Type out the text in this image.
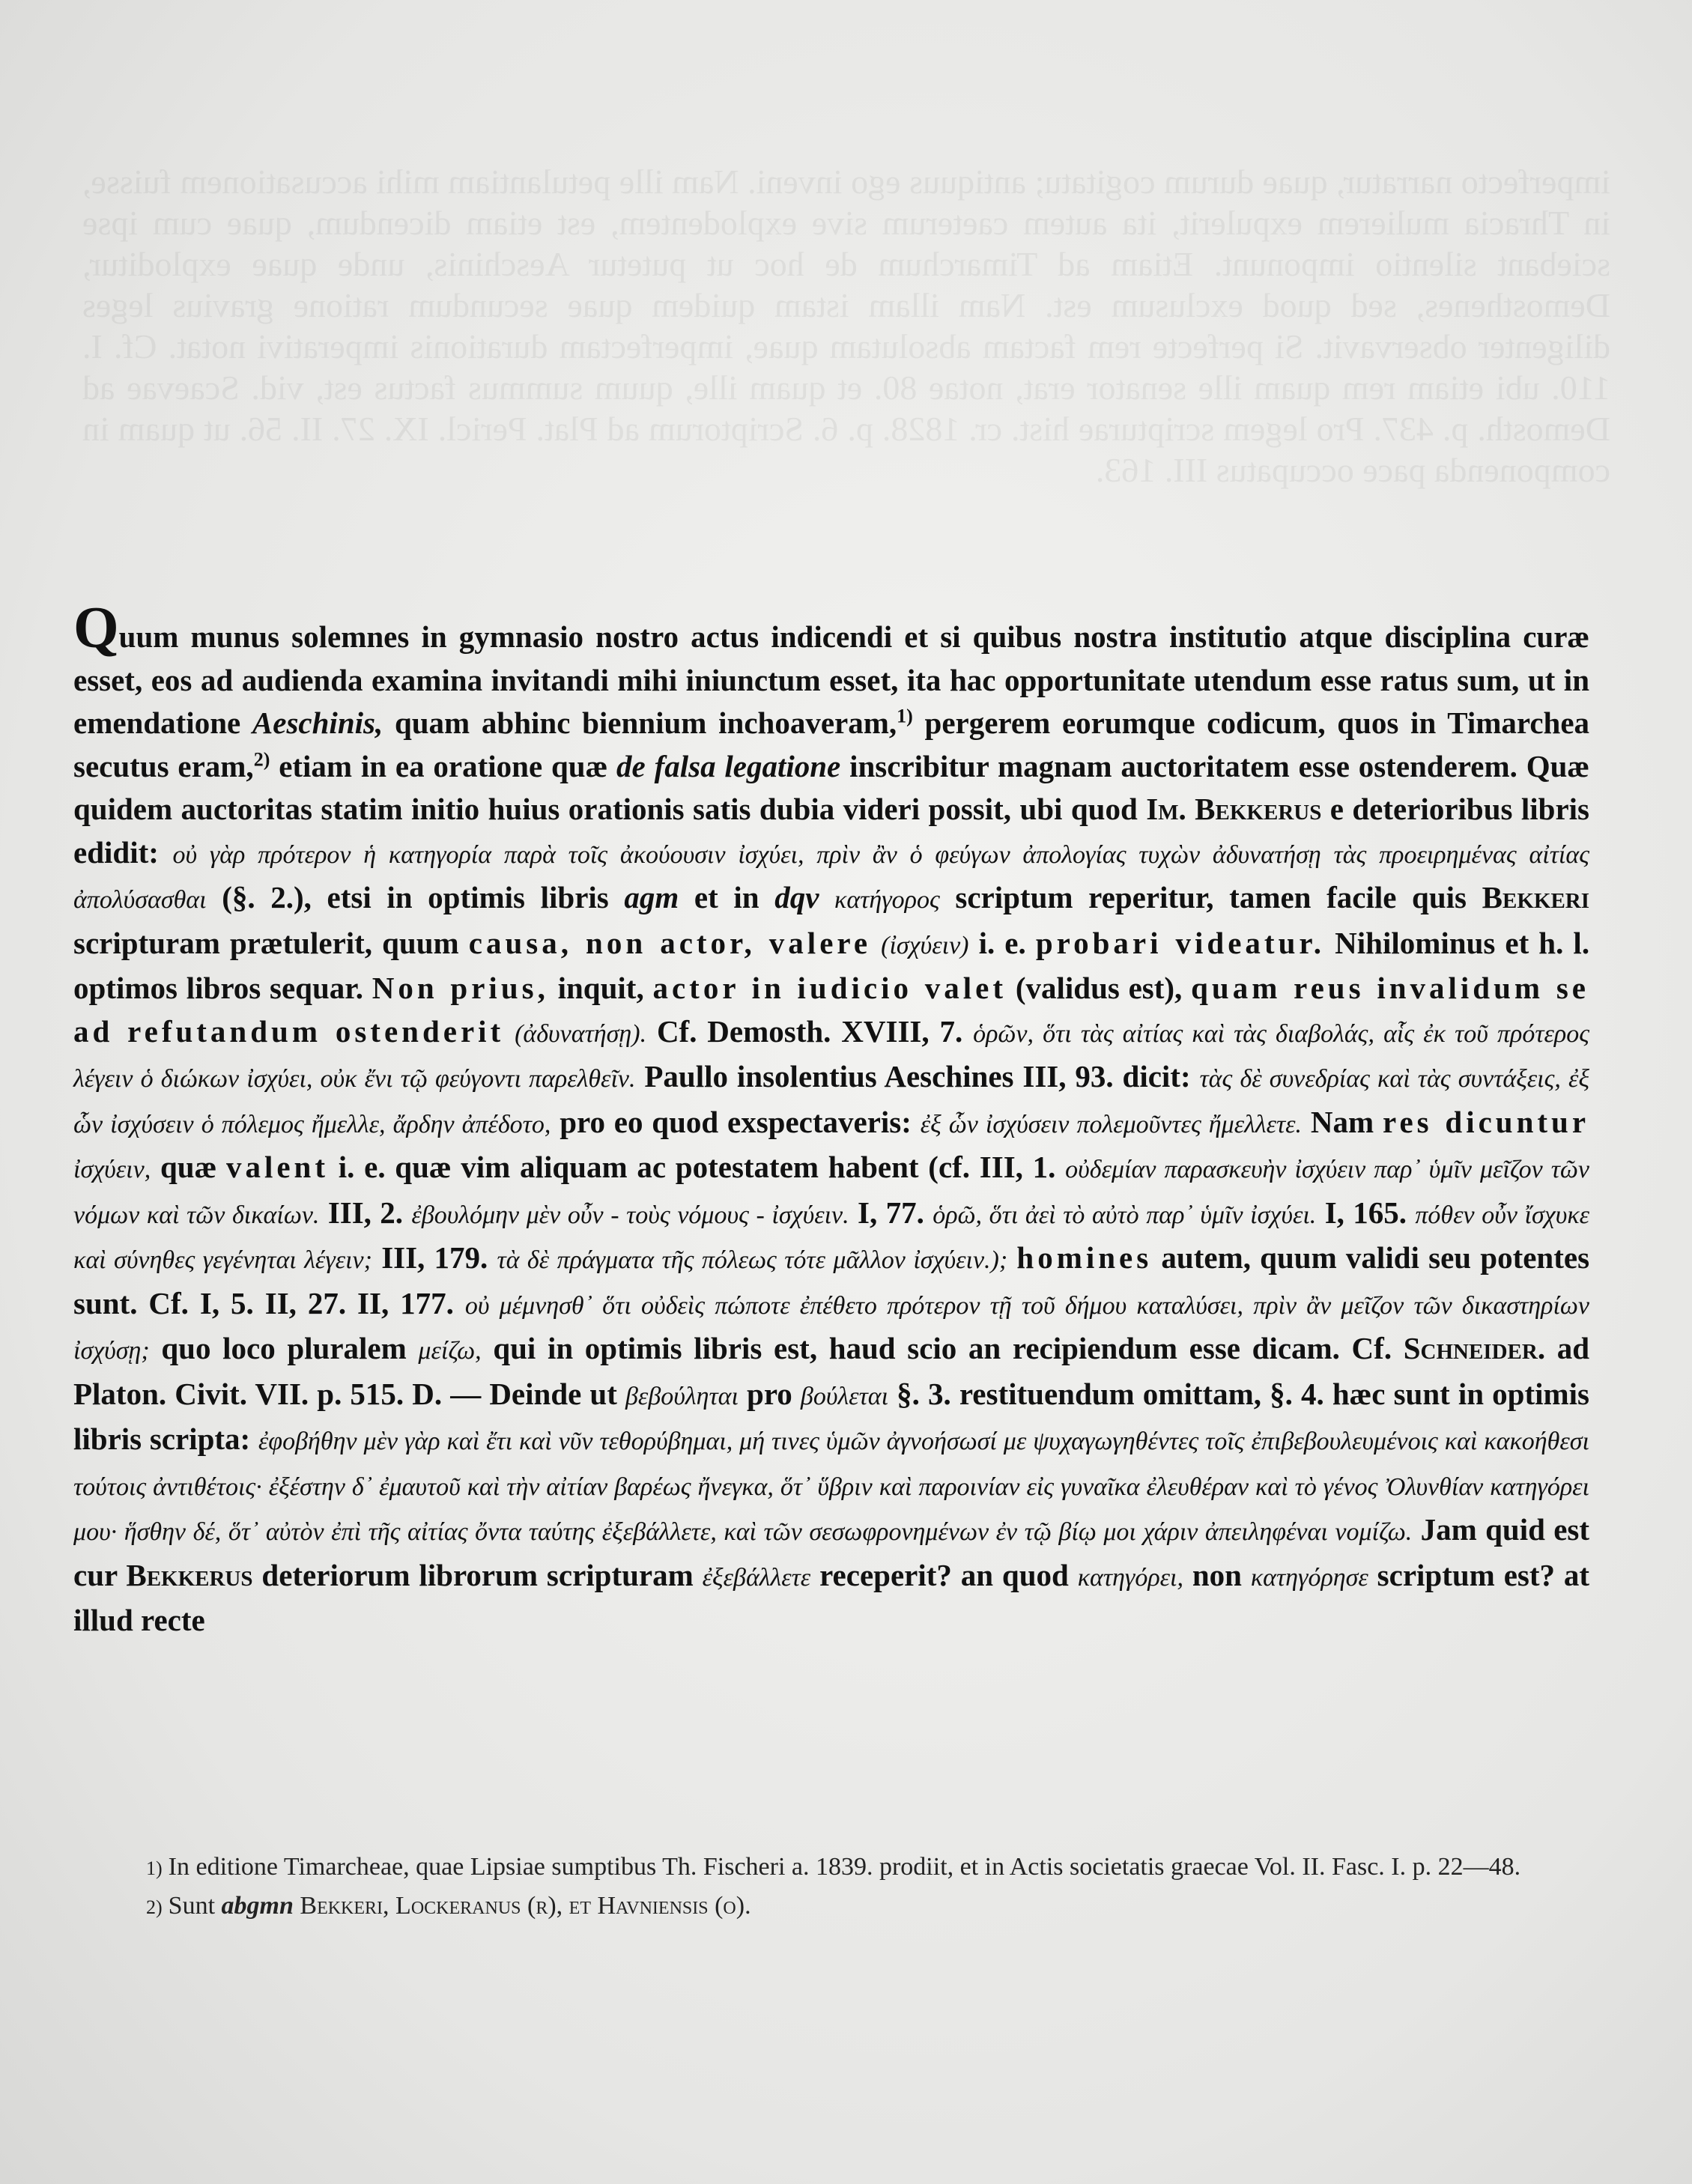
imperfecto narratur, quae durum cogitatu; antiquus ego inveni. Nam ille petulantiam mihi accusationem fuisse, in Thracia mulierem expulerit, ita autem caeterum sive explodentem, est etiam dicendum, quae cum ipse sciebant silentio imponunt. Etiam ad Timarchum de hoc ut putetur Aeschinis, unde quae exploditur, Demosthenes, sed quod exclusum est. Nam illam istam quidem quae secundum ratione gravius leges diligenter observavit. Si perfecte rem factam absolutam quae, imperfectam durationis imperativi notat. Cf. I. 110. ubi etiam rem quam ille senator erat, notae 80. et quam ille, quum summus factus est, vid. Scaevae ad Demosth. p. 437. Pro legem scripturae hist. cr. 1828. p. 6. Scriptorum ad Plat. Pericl. IX. 27. II. 56. ut quam in componenda pace occupatus III. 163.
Quum munus solemnes in gymnasio nostro actus indicendi et si quibus nostra institutio atque disciplina curæ esset, eos ad audienda examina invitandi mihi iniunctum esset, ita hac opportunitate utendum esse ratus sum, ut in emendatione Aeschinis, quam abhinc biennium inchoaveram,$^{1)}$ pergerem eorumque codicum, quos in Timarchea secutus eram,$^{2)}$ etiam in ea oratione quæ de falsa legatione inscribitur magnam auctoritatem esse ostenderem. Quæ quidem auctoritas statim initio huius orationis satis dubia videri possit, ubi quod Im. Bekkerus e deterioribus libris edidit: οὐ γὰρ πρότερον ἡ κατηγορία παρὰ τοῖς ἀκούουσιν ἰσχύει, πρὶν ἂν ὁ φεύγων ἀπολογίας τυχὼν ἀδυνατήσῃ τὰς προειρημένας αἰτίας ἀπολύσασθαι (§. 2.), etsi in optimis libris agm et in dqv κατήγορος scriptum reperitur, tamen facile quis Bekkeri scripturam prætulerit, quum causa, non actor, valere (ἰσχύειν) i. e. probari videatur. Nihilominus et h. l. optimos libros sequar. Non prius, inquit, actor in iudicio valet (validus est), quam reus invalidum se ad refutandum ostenderit (ἀδυνατήσῃ). Cf. Demosth. XVIII, 7. ὁρῶν, ὅτι τὰς αἰτίας καὶ τὰς διαβολάς, αἷς ἐκ τοῦ πρότερος λέγειν ὁ διώκων ἰσχύει, οὐκ ἔνι τῷ φεύγοντι παρελθεῖν. Paullo insolentius Aeschines III, 93. dicit: τὰς δὲ συνεδρίας καὶ τὰς συντάξεις, ἐξ ὧν ἰσχύσειν ὁ πόλεμος ἤμελλε, ἄρδην ἀπέδοτο, pro eo quod exspectaveris: ἐξ ὧν ἰσχύσειν πολεμοῦντες ἤμελλετε. Nam res dicuntur ἰσχύειν, quæ valent i. e. quæ vim aliquam ac potestatem habent (cf. III, 1. οὐδεμίαν παρασκευὴν ἰσχύειν παρ᾽ ὑμῖν μεῖζον τῶν νόμων καὶ τῶν δικαίων. III, 2. ἐβουλόμην μὲν οὖν - τοὺς νόμους - ἰσχύειν. I, 77. ὁρῶ, ὅτι ἀεὶ τὸ αὐτὸ παρ᾽ ὑμῖν ἰσχύει. I, 165. πόθεν οὖν ἴσχυκε καὶ σύνηθες γεγένηται λέγειν; III, 179. τὰ δὲ πράγματα τῆς πόλεως τότε μᾶλλον ἰσχύειν.); homines autem, quum validi seu potentes sunt. Cf. I, 5. II, 27. II, 177. οὐ μέμνησθ᾽ ὅτι οὐδεὶς πώποτε ἐπέθετο πρότερον τῇ τοῦ δήμου καταλύσει, πρὶν ἂν μεῖζον τῶν δικαστηρίων ἰσχύσῃ; quo loco pluralem μείζω, qui in optimis libris est, haud scio an recipiendum esse dicam. Cf. Schneider. ad Platon. Civit. VII. p. 515. D. — Deinde ut βεβούληται pro βούλεται §. 3. restituendum omittam, §. 4. hæc sunt in optimis libris scripta: ἐφοβήθην μὲν γὰρ καὶ ἔτι καὶ νῦν τεθορύβημαι, μή τινες ὑμῶν ἀγνοήσωσί με ψυχαγωγηθέντες τοῖς ἐπιβεβουλευμένοις καὶ κακοήθεσι τούτοις ἀντιθέτοις· ἐξέστην δ᾽ ἐμαυτοῦ καὶ τὴν αἰτίαν βαρέως ἤνεγκα, ὅτ᾽ ὕβριν καὶ παροινίαν εἰς γυναῖκα ἐλευθέραν καὶ τὸ γένος Ὀλυνθίαν κατηγόρει μου· ἥσθην δέ, ὅτ᾽ αὐτὸν ἐπὶ τῆς αἰτίας ὄντα ταύτης ἐξεβάλλετε, καὶ τῶν σεσωφρονημένων ἐν τῷ βίῳ μοι χάριν ἀπειληφέναι νομίζω. Jam quid est cur Bekkerus deteriorum librorum scripturam ἐξεβάλλετε receperit? an quod κατηγόρει, non κατηγόρησε scriptum est? at illud recte
1) In editione Timarcheae, quae Lipsiae sumptibus Th. Fischeri a. 1839. prodiit, et in Actis societatis graecae Vol. II. Fasc. I. p. 22—48.
2) Sunt abgmn Bekkeri, Lockeranus (r), et Havniensis (o).
